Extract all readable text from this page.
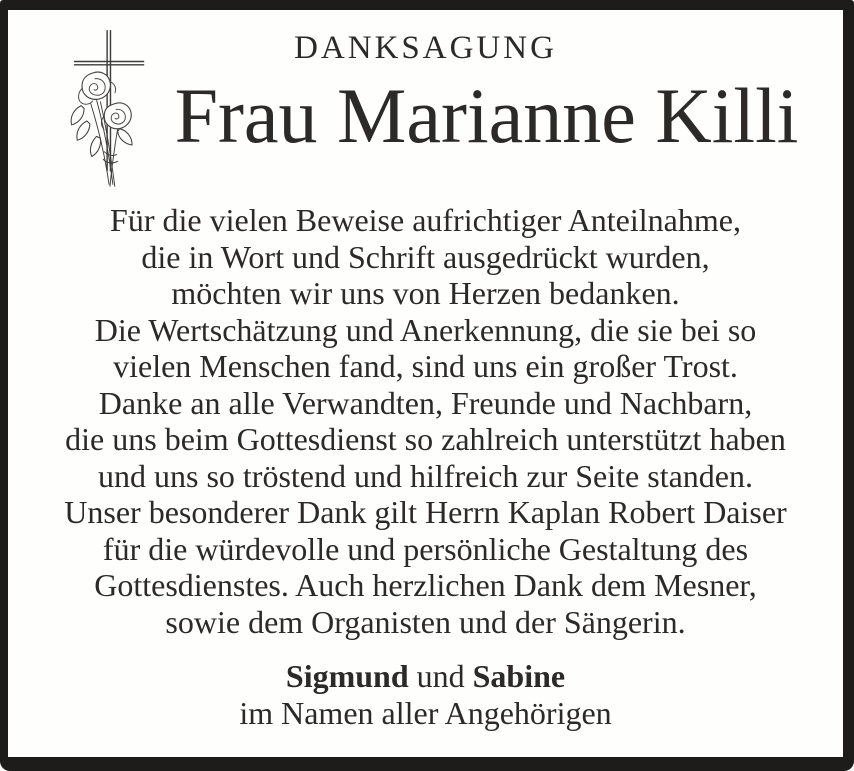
DANKSAGUNG
Frau Marianne Killi
Für die vielen Beweise aufrichtiger Anteilnahme,
die in Wort und Schrift ausgedrückt wurden,
möchten wir uns von Herzen bedanken.
Die Wertschätzung und Anerkennung, die sie bei so
vielen Menschen fand, sind uns ein großer Trost.
Danke an alle Verwandten, Freunde und Nachbarn,
die uns beim Gottesdienst so zahlreich unterstützt haben
und uns so tröstend und hilfreich zur Seite standen.
Unser besonderer Dank gilt Herrn Kaplan Robert Daiser
für die würdevolle und persönliche Gestaltung des
Gottesdienstes. Auch herzlichen Dank dem Mesner,
sowie dem Organisten und der Sängerin.
Sigmund und Sabine
im Namen aller Angehörigen
